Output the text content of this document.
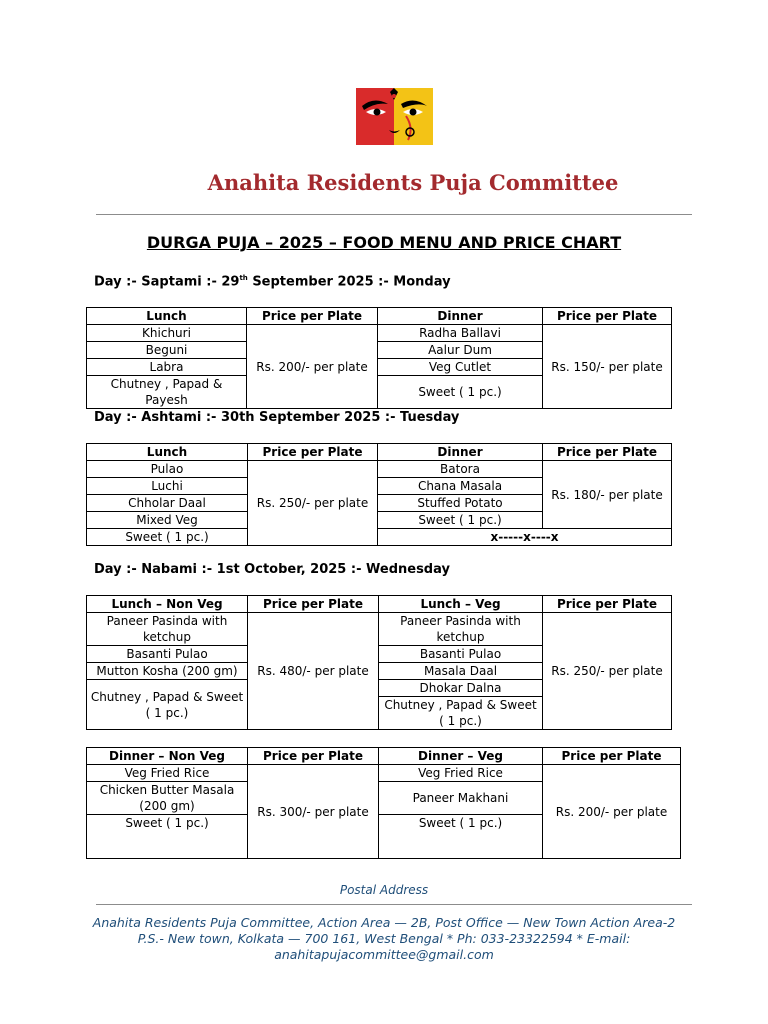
Anahita Residents Puja Committee
DURGA PUJA – 2025 – FOOD MENU AND PRICE CHART
Day :- Saptami :- 29th September 2025 :- Monday
Lunch	Price per Plate	Dinner	Price per Plate
Khichuri	Rs. 200/- per plate	Radha Ballavi	Rs. 150/- per plate
Beguni		Aalur Dum	
Labra		Veg Cutlet	
Chutney , Papad & Payesh		Sweet ( 1 pc.)	
Day :- Ashtami :- 30th September 2025 :- Tuesday
Lunch	Price per Plate	Dinner	Price per Plate
Pulao	Rs. 250/- per plate	Batora	Rs. 180/- per plate
Luchi		Chana Masala	
Chholar Daal		Stuffed Potato	
Mixed Veg		Sweet ( 1 pc.)	
Sweet ( 1 pc.)		x-----x----x	
Day :- Nabami :- 1st October, 2025 :- Wednesday
Lunch – Non Veg	Price per Plate	Lunch – Veg	Price per Plate
Paneer Pasinda with ketchup	Rs. 480/- per plate	Paneer Pasinda with ketchup	Rs. 250/- per plate
Basanti Pulao		Basanti Pulao	
Mutton Kosha (200 gm)		Masala Daal	
Chutney , Papad & Sweet ( 1 pc.)		Dhokar Dalna	
		Chutney , Papad & Sweet ( 1 pc.)	
Dinner – Non Veg	Price per Plate	Dinner – Veg	Price per Plate
Veg Fried Rice	Rs. 300/- per plate	Veg Fried Rice	Rs. 200/- per plate
Chicken Butter Masala (200 gm)		Paneer Makhani	
Sweet ( 1 pc.)		Sweet ( 1 pc.)	
Postal Address
Anahita Residents Puja Committee, Action Area — 2B, Post Office — New Town Action Area-2
P.S.- New town, Kolkata — 700 161, West Bengal * Ph: 033-23322594 * E-mail:
anahitapujacommittee@gmail.com
